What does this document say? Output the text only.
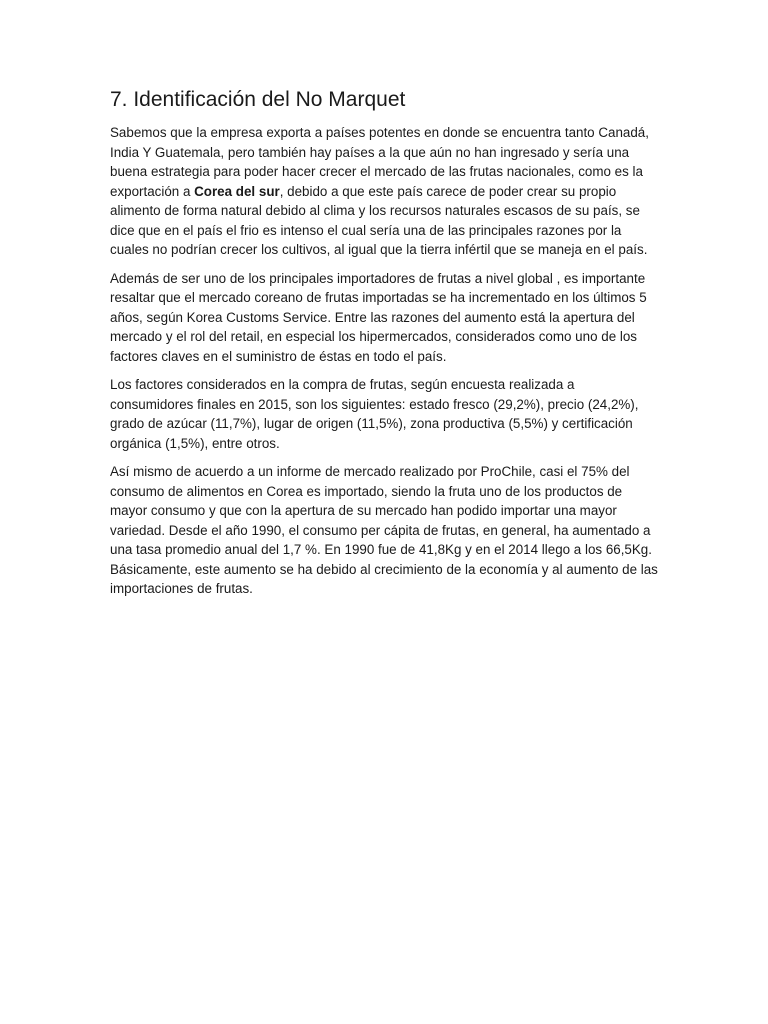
7. Identificación del No Marquet

Sabemos que la empresa exporta a países potentes en donde se encuentra tanto Canadá, India Y Guatemala, pero también hay países a la que aún no han ingresado y sería una buena estrategia para poder hacer crecer el mercado de las frutas nacionales, como es la exportación a Corea del sur, debido a que este país carece de poder crear su propio alimento de forma natural debido al clima y los recursos naturales escasos de su país, se dice que en el país el frio es intenso el cual sería una de las principales razones por la cuales no podrían crecer los cultivos, al igual que la tierra infértil que se maneja en el país.

Además de ser uno de los principales importadores de frutas a nivel global , es importante resaltar que el mercado coreano de frutas importadas se ha incrementado en los últimos 5 años, según Korea Customs Service. Entre las razones del aumento está la apertura del mercado y el rol del retail, en especial los hipermercados, considerados como uno de los factores claves en el suministro de éstas en todo el país.

Los factores considerados en la compra de frutas, según encuesta realizada a consumidores finales en 2015, son los siguientes: estado fresco (29,2%), precio (24,2%), grado de azúcar (11,7%), lugar de origen (11,5%), zona productiva (5,5%) y certificación orgánica (1,5%), entre otros.

Así mismo de acuerdo a un informe de mercado realizado por ProChile, casi el 75% del consumo de alimentos en Corea es importado, siendo la fruta uno de los productos de mayor consumo y que con la apertura de su mercado han podido importar una mayor variedad. Desde el año 1990, el consumo per cápita de frutas, en general, ha aumentado a una tasa promedio anual del 1,7 %. En 1990 fue de 41,8Kg y en el 2014 llego a los 66,5Kg. Básicamente, este aumento se ha debido al crecimiento de la economía y al aumento de las importaciones de frutas.
